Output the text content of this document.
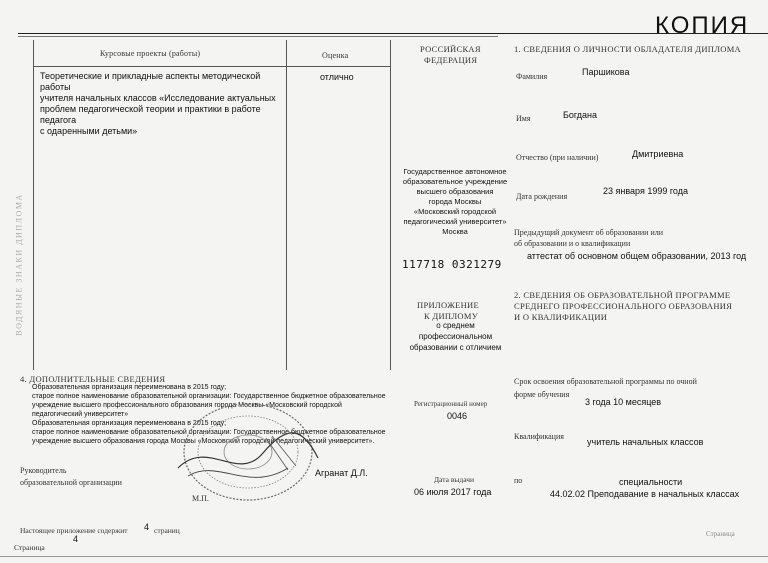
КОПИЯ
Курсовые проекты (работы)	Оценка
Теоретические и прикладные аспекты методической работы
учителя начальных классов «Исследование актуальных
проблем педагогической теории и практики в работе педагога
с одаренными детьми»
отлично
ВОДЯНЫЕ ЗНАКИ ДИПЛОМА
РОССИЙСКАЯ
ФЕДЕРАЦИЯ
Государственное автономное
образовательное учреждение
высшего образования
города Москвы
«Московский городской
педагогический университет»
Москва
117718 0321279
ПРИЛОЖЕНИЕ
К ДИПЛОМУ
о среднем
профессиональном
образовании с отличием
Регистрационный номер
0046
Дата выдачи
06 июля 2017 года
4. ДОПОЛНИТЕЛЬНЫЕ СВЕДЕНИЯ
Образовательная организация переименована в 2015 году;
старое полное наименование образовательной организации: Государственное бюджетное образовательное
учреждение высшего профессионального образования города Москвы «Московский городской
педагогический университет»
Образовательная организация переименована в 2015 году;
старое полное наименование образовательной организации: Государственное бюджетное образовательное
учреждение высшего образования города Москвы «Московский городской педагогический университет».
Руководитель
образовательной организации
Агранат Д.Л.
М.П.
Настоящее приложение содержит 4 страниц
Страница
4
1. СВЕДЕНИЯ О ЛИЧНОСТИ ОБЛАДАТЕЛЯ ДИПЛОМА
Фамилия	Паршикова
Имя	Богдана
Отчество (при наличии)	Дмитриевна
Дата рождения
23 января 1999 года
Предыдущий документ об образовании или
об образовании и о квалификации
аттестат об основном общем образовании, 2013 год
2. СВЕДЕНИЯ ОБ ОБРАЗОВАТЕЛЬНОЙ ПРОГРАММЕ
СРЕДНЕГО ПРОФЕССИОНАЛЬНОГО ОБРАЗОВАНИЯ
И О КВАЛИФИКАЦИИ
Срок освоения образовательной программы по очной
форме обучения
3 года 10 месяцев
Квалификация
учитель начальных классов
по	специальности
44.02.02 Преподавание в начальных классах
Страница
